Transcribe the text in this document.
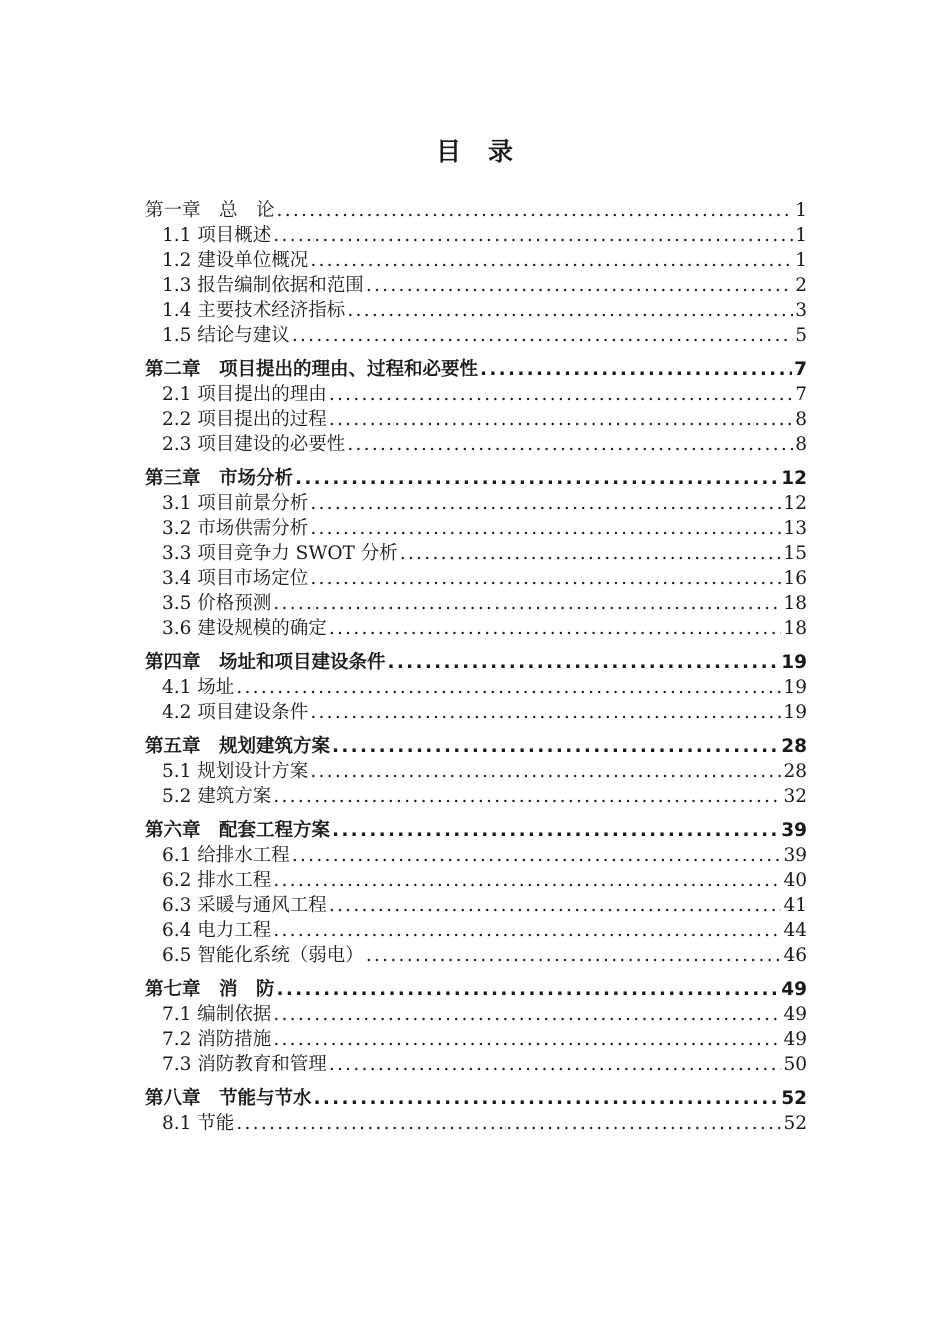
目　录
第一章　总　论 .....	1
1.1 项目概述 .....	1
1.2 建设单位概况 .....	1
1.3 报告编制依据和范围 .....	2
1.4 主要技术经济指标 .....	3
1.5 结论与建议 .....	5
第二章　项目提出的理由、过程和必要性 .....	7
2.1 项目提出的理由 .....	7
2.2 项目提出的过程 .....	8
2.3 项目建设的必要性 .....	8
第三章　市场分析 .....	12
3.1 项目前景分析 .....	12
3.2 市场供需分析 .....	13
3.3 项目竞争力 SWOT 分析 .....	15
3.4 项目市场定位 .....	16
3.5 价格预测 .....	18
3.6 建设规模的确定 .....	18
第四章　场址和项目建设条件 .....	19
4.1 场址 .....	19
4.2 项目建设条件 .....	19
第五章　规划建筑方案 .....	28
5.1 规划设计方案 .....	28
5.2 建筑方案 .....	32
第六章　配套工程方案 .....	39
6.1 给排水工程 .....	39
6.2 排水工程 .....	40
6.3 采暖与通风工程 .....	41
6.4 电力工程 .....	44
6.5 智能化系统（弱电） .....	46
第七章　消　防 .....	49
7.1 编制依据 .....	49
7.2 消防措施 .....	49
7.3 消防教育和管理 .....	50
第八章　节能与节水 .....	52
8.1 节能 .....	52
